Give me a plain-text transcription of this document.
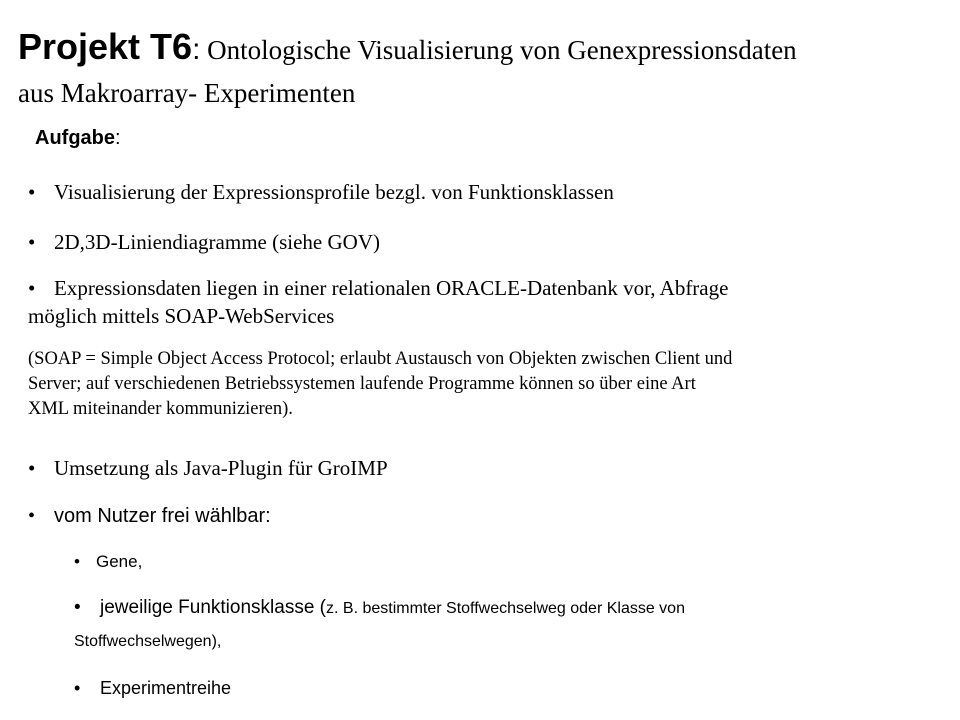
Projekt T6: Ontologische Visualisierung von Genexpressionsdaten
aus Makroarray- Experimenten
Aufgabe:
• Visualisierung der Expressionsprofile bezgl. von Funktionsklassen
• 2D,3D-Liniendiagramme (siehe GOV)
• Expressionsdaten liegen in einer relationalen ORACLE-Datenbank vor, Abfrage
möglich mittels SOAP-WebServices
(SOAP = Simple Object Access Protocol; erlaubt Austausch von Objekten zwischen Client und
Server; auf verschiedenen Betriebssystemen laufende Programme können so über eine Art
XML miteinander kommunizieren).
• Umsetzung als Java-Plugin für GroIMP
• vom Nutzer frei wählbar:
• Gene,
• jeweilige Funktionsklasse (z. B. bestimmter Stoffwechselweg oder Klasse von
Stoffwechselwegen),
• Experimentreihe
